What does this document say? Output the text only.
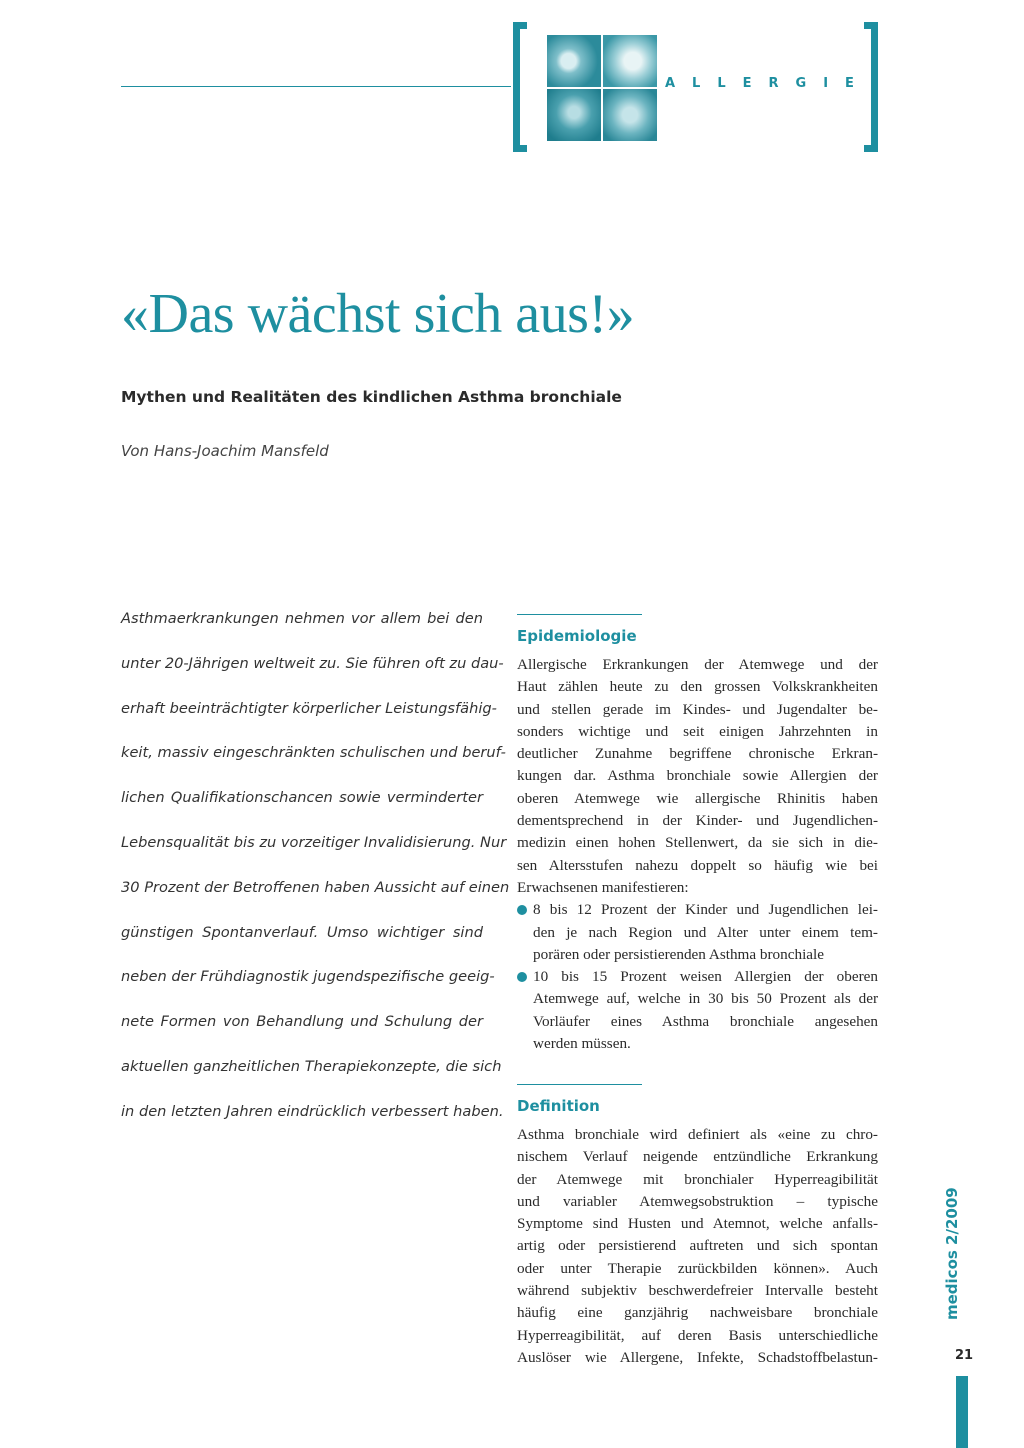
ALLERGIE
«Das wächst sich aus!»
Mythen und Realitäten des kindlichen Asthma bronchiale
Von Hans-Joachim Mansfeld
Asthmaerkrankungen nehmen vor allem bei den
unter 20-Jährigen weltweit zu. Sie führen oft zu dau-
erhaft beeinträchtigter körperlicher Leistungsfähig-
keit, massiv eingeschränkten schulischen und beruf-
lichen Qualifikationschancen sowie verminderter
Lebensqualität bis zu vorzeitiger Invalidisierung. Nur
30 Prozent der Betroffenen haben Aussicht auf einen
günstigen Spontanverlauf. Umso wichtiger sind
neben der Frühdiagnostik jugendspezifische geeig-
nete Formen von Behandlung und Schulung der
aktuellen ganzheitlichen Therapiekonzepte, die sich
in den letzten Jahren eindrücklich verbessert haben.
Epidemiologie
Allergische Erkrankungen der Atemwege und der
Haut zählen heute zu den grossen Volkskrankheiten
und stellen gerade im Kindes- und Jugendalter be-
sonders wichtige und seit einigen Jahrzehnten in
deutlicher Zunahme begriffene chronische Erkran-
kungen dar. Asthma bronchiale sowie Allergien der
oberen Atemwege wie allergische Rhinitis haben
dementsprechend in der Kinder- und Jugendlichen-
medizin einen hohen Stellenwert, da sie sich in die-
sen Altersstufen nahezu doppelt so häufig wie bei
Erwachsenen manifestieren:
8 bis 12 Prozent der Kinder und Jugendlichen lei-
den je nach Region und Alter unter einem tem-
porären oder persistierenden Asthma bronchiale
10 bis 15 Prozent weisen Allergien der oberen
Atemwege auf, welche in 30 bis 50 Prozent als der
Vorläufer eines Asthma bronchiale angesehen
werden müssen.
Definition
Asthma bronchiale wird definiert als «eine zu chro-
nischem Verlauf neigende entzündliche Erkrankung
der Atemwege mit bronchialer Hyperreagibilität
und variabler Atemwegsobstruktion – typische
Symptome sind Husten und Atemnot, welche anfalls-
artig oder persistierend auftreten und sich spontan
oder unter Therapie zurückbilden können». Auch
während subjektiv beschwerdefreier Intervalle besteht
häufig eine ganzjährig nachweisbare bronchiale
Hyperreagibilität, auf deren Basis unterschiedliche
Auslöser wie Allergene, Infekte, Schadstoffbelastun-
medicos 2/2009
21
